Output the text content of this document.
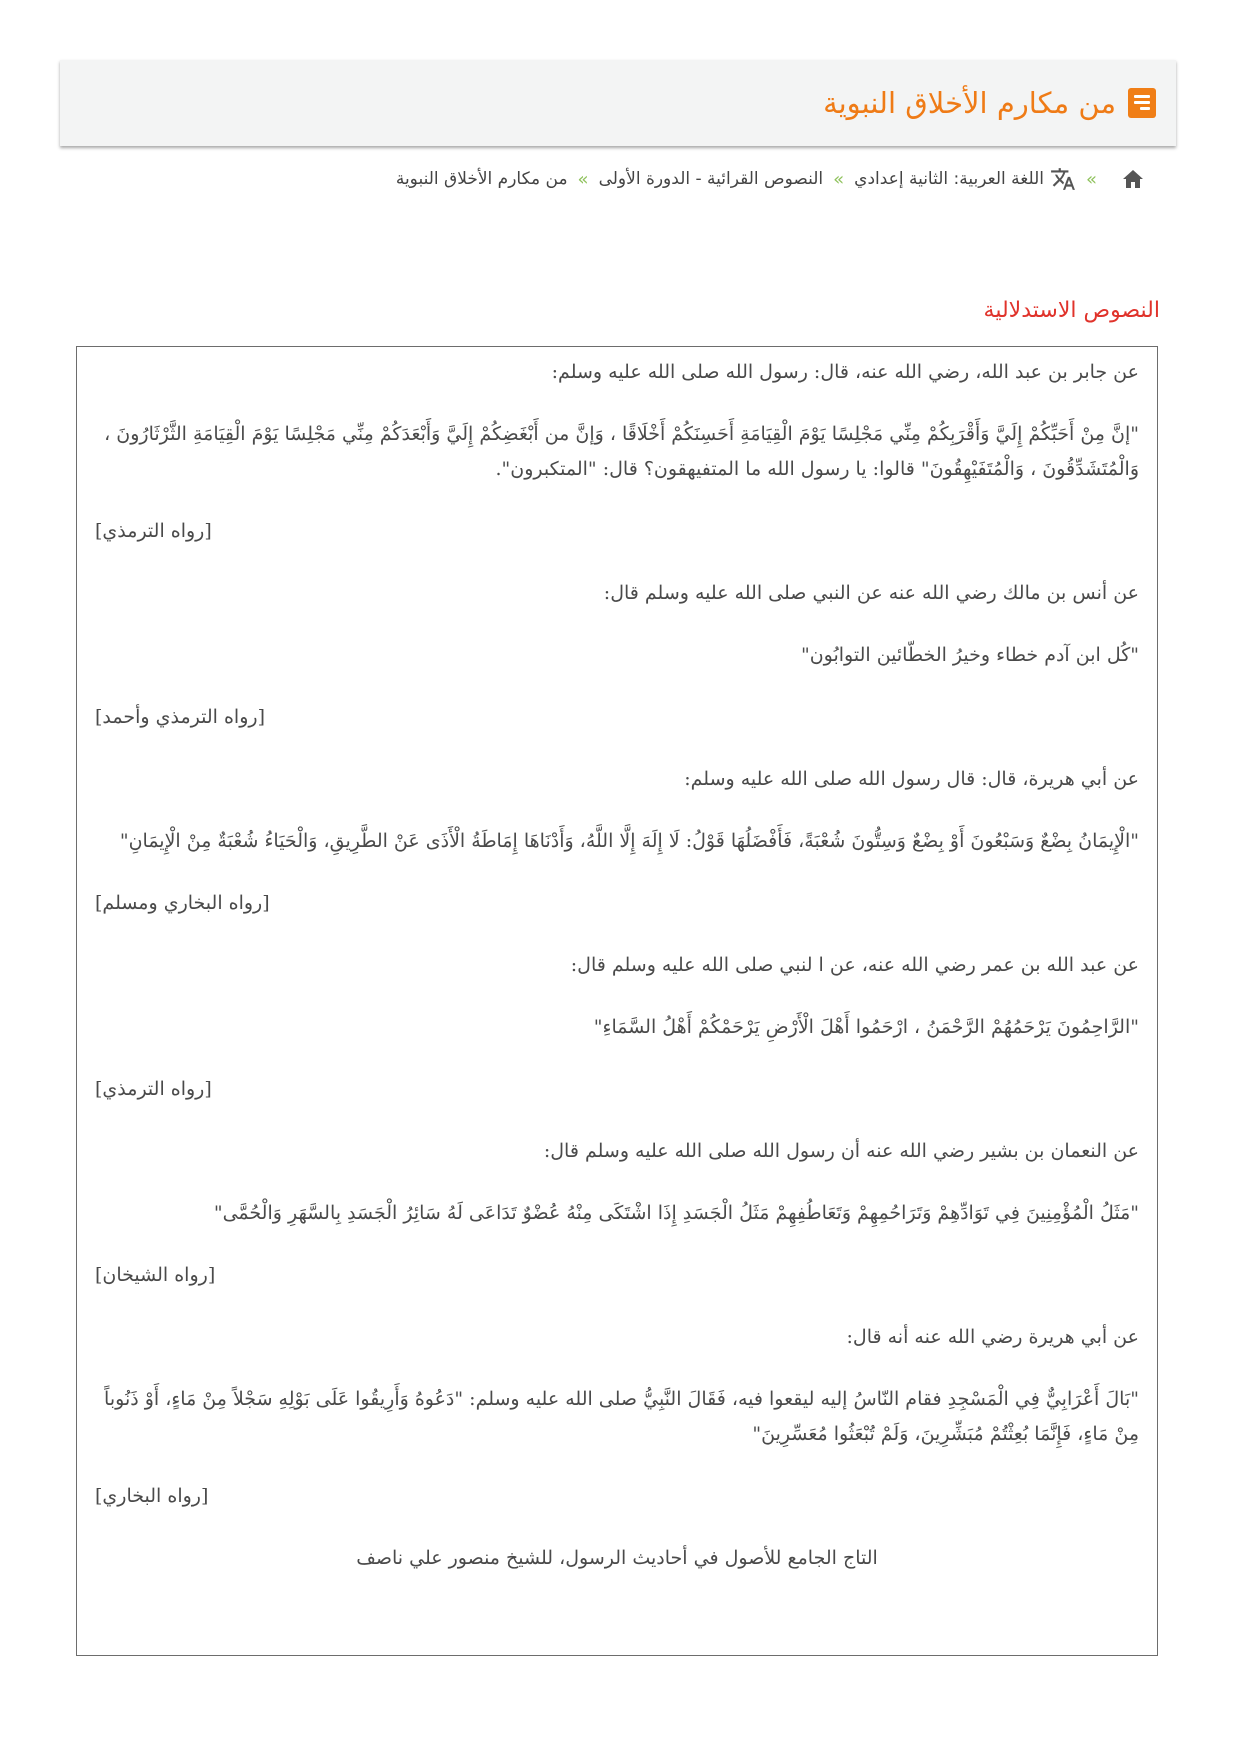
من مكارم الأخلاق النبوية
»
اللغة العربية: الثانية إعدادي
»
النصوص القرائية - الدورة الأولى
»
من مكارم الأخلاق النبوية
النصوص الاستدلالية

عن جابر بن عبد الله، رضي الله عنه، قال: رسول الله صلى الله عليه وسلم:

"إنَّ مِنْ أَحَبِّكُمْ إِلَيَّ وَأَقْرَبِكُمْ مِنِّي مَجْلِسًا يَوْمَ الْقِيَامَةِ أَحَسِنَكُمْ أَخْلَاقًا ، وَإنَّ من أَبْغَضِكُمْ إِلَيَّ وَأَبْعَدَكُمْ مِنِّي مَجْلِسًا يَوْمَ الْقِيَامَةِ الثَّرْثَارُونَ ، وَالْمُتَشَدِّقُونَ ، وَالْمُتَفَيْهِقُونَ" قالوا: يا رسول الله ما المتفيهقون؟ قال: "المتكبرون".

[رواه الترمذي]

عن أنس بن مالك رضي الله عنه عن النبي صلى الله عليه وسلم قال:

"كُل ابن آدم خطاء وخيرُ الخطّائين التوابُون"

[رواه الترمذي وأحمد]

عن أبي هريرة، قال: قال رسول الله صلى الله عليه وسلم:

"الْإِيمَانُ بِضْعٌ وَسَبْعُونَ أَوْ بِضْعٌ وَسِتُّونَ شُعْبَةً، فَأَفْضَلُهَا قَوْلُ: لَا إِلَهَ إِلَّا اللَّهُ، وَأَدْنَاهَا إِمَاطَةُ الْأَذَى عَنْ الطَّرِيقِ، وَالْحَيَاءُ شُعْبَةٌ مِنْ الْإِيمَانِ"

[رواه البخاري ومسلم]

عن عبد الله بن عمر رضي الله عنه، عن ا لنبي صلى الله عليه وسلم قال:

"الرَّاحِمُونَ يَرْحَمُهُمْ الرَّحْمَنُ ، ارْحَمُوا أَهْلَ الْأَرْضِ يَرْحَمْكُمْ أَهْلُ السَّمَاءِ"

[رواه الترمذي]

عن النعمان بن بشير رضي الله عنه أن رسول الله صلى الله عليه وسلم قال:

"مَثَلُ الْمُؤْمِنِينَ فِي تَوَادِّهِمْ وَتَرَاحُمِهِمْ وَتَعَاطُفِهِمْ مَثَلُ الْجَسَدِ إِذَا اشْتَكَى مِنْهُ عُضْوٌ تَدَاعَى لَهُ سَائِرُ الْجَسَدِ بِالسَّهَرِ وَالْحُمَّى"

[رواه الشيخان]

عن أبي هريرة رضي الله عنه أنه قال:

"بَالَ أَعْرَابِيٌّ فِي الْمَسْجِدِ فقام النّاسُ إليه ليقعوا فيه، فَقَالَ النَّبِيُّ صلى الله عليه وسلم: "دَعُوهُ وَأَرِيقُوا عَلَى بَوْلِهِ سَجْلاً مِنْ مَاءٍ، أَوْ ذَنُوباً مِنْ مَاءٍ، فَإِنَّمَا بُعِثْتُمْ مُبَشِّرِينَ، وَلَمْ تُبْعَثُوا مُعَسِّرِينَ"

[رواه البخاري]

التاج الجامع للأصول في أحاديث الرسول، للشيخ منصور علي ناصف
